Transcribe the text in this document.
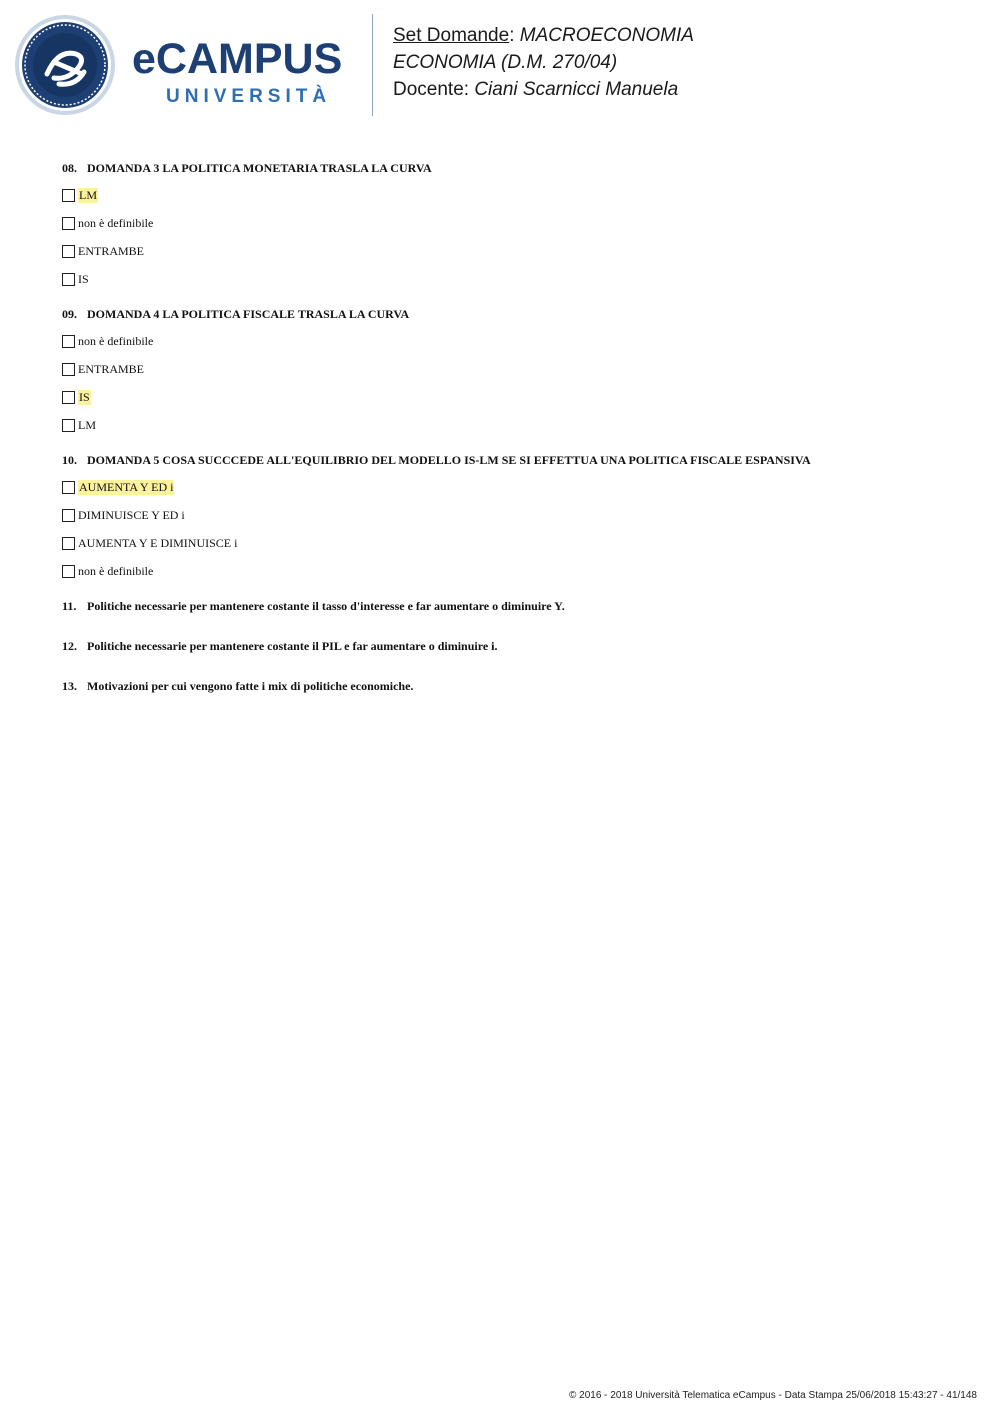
eCAMPUS
UNIVERSITÀ
Set Domande: MACROECONOMIA
ECONOMIA (D.M. 270/04)
Docente: Ciani Scarnicci Manuela

08. DOMANDA 3 LA POLITICA MONETARIA TRASLA LA CURVA

LM
non è definibile
ENTRAMBE
IS

09. DOMANDA 4 LA POLITICA FISCALE TRASLA LA CURVA

non è definibile
ENTRAMBE
IS
LM

10. DOMANDA 5 COSA SUCCCEDE ALL'EQUILIBRIO DEL MODELLO IS-LM SE SI EFFETTUA UNA POLITICA FISCALE ESPANSIVA

AUMENTA Y ED i
DIMINUISCE Y ED i
AUMENTA Y E DIMINUISCE i
non è definibile

11. Politiche necessarie per mantenere costante il tasso d'interesse e far aumentare o diminuire Y.

12. Politiche necessarie per mantenere costante il PIL e far aumentare o diminuire i.

13. Motivazioni per cui vengono fatte i mix di politiche economiche.

© 2016 - 2018 Università Telematica eCampus - Data Stampa 25/06/2018 15:43:27 - 41/148
